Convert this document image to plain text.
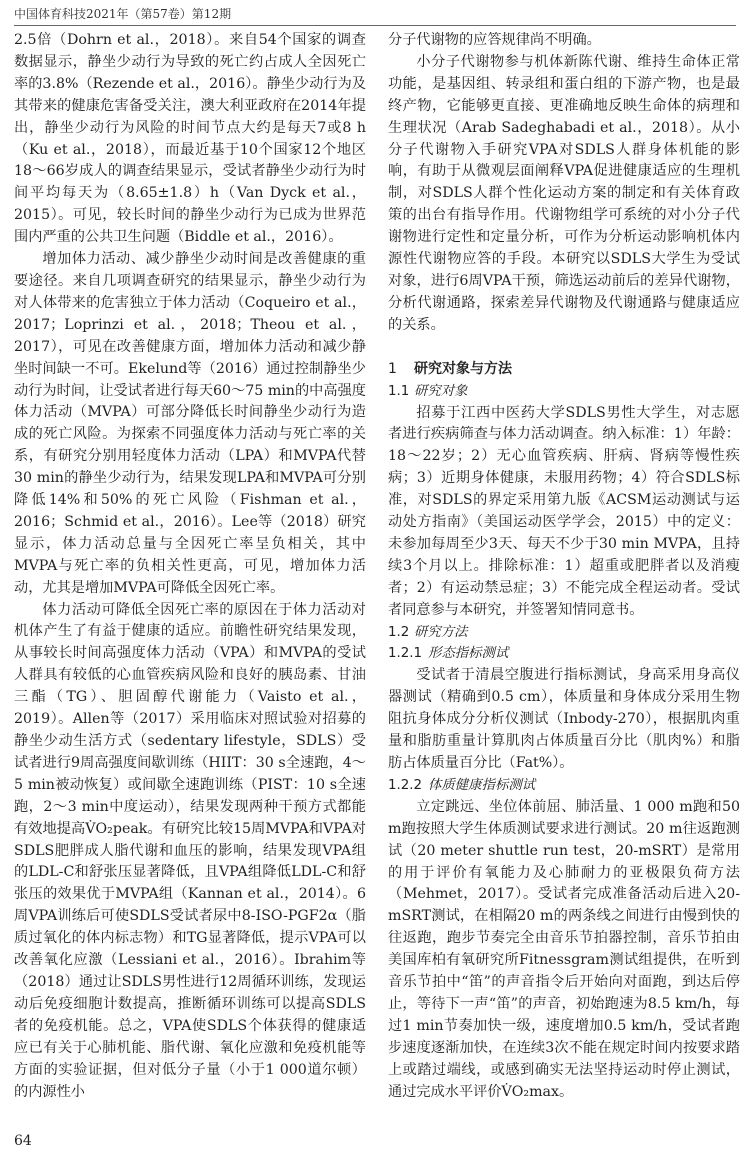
中国体育科技2021年（第57卷）第12期

2.5倍（Dohrn et al.，2018）。来自54个国家的调查数据显示，静坐少动行为导致的死亡约占成人全因死亡率的3.8%（Rezende et al.，2016）。静坐少动行为及其带来的健康危害备受关注，澳大利亚政府在2014年提出，静坐少动行为风险的时间节点大约是每天7或8 h（Ku et al.，2018），而最近基于10个国家12个地区18～66岁成人的调查结果显示，受试者静坐少动行为时间平均每天为（8.65±1.8）h（Van Dyck et al.，2015）。可见，较长时间的静坐少动行为已成为世界范围内严重的公共卫生问题（Biddle et al.，2016）。

增加体力活动、减少静坐少动时间是改善健康的重要途径。来自几项调查研究的结果显示，静坐少动行为对人体带来的危害独立于体力活动（Coqueiro et al.，2017；Loprinzi et al.，2018；Theou et al.，2017），可见在改善健康方面，增加体力活动和减少静坐时间缺一不可。Ekelund等（2016）通过控制静坐少动行为时间，让受试者进行每天60～75 min的中高强度体力活动（MVPA）可部分降低长时间静坐少动行为造成的死亡风险。为探索不同强度体力活动与死亡率的关系，有研究分别用轻度体力活动（LPA）和MVPA代替30 min的静坐少动行为，结果发现LPA和MVPA可分别降低14%和50%的死亡风险（Fishman et al.，2016；Schmid et al.，2016）。Lee等（2018）研究显示，体力活动总量与全因死亡率呈负相关，其中MVPA与死亡率的负相关性更高，可见，增加体力活动，尤其是增加MVPA可降低全因死亡率。

体力活动可降低全因死亡率的原因在于体力活动对机体产生了有益于健康的适应。前瞻性研究结果发现，从事较长时间高强度体力活动（VPA）和MVPA的受试人群具有较低的心血管疾病风险和良好的胰岛素、甘油三酯（TG）、胆固醇代谢能力（Vaisto et al.，2019）。Allen等（2017）采用临床对照试验对招募的静坐少动生活方式（sedentary lifestyle，SDLS）受试者进行9周高强度间歇训练（HIIT：30 s全速跑，4～5 min被动恢复）或间歇全速跑训练（PIST：10 s全速跑，2～3 min中度运动），结果发现两种干预方式都能有效地提高V̇O₂peak。有研究比较15周MVPA和VPA对SDLS肥胖成人脂代谢和血压的影响，结果发现VPA组的LDL-C和舒张压显著降低，且VPA组降低LDL-C和舒张压的效果优于MVPA组（Kannan et al.，2014）。6周VPA训练后可使SDLS受试者尿中8-ISO-PGF2α（脂质过氧化的体内标志物）和TG显著降低，提示VPA可以改善氧化应激（Lessiani et al.，2016）。Ibrahim等（2018）通过让SDLS男性进行12周循环训练，发现运动后免疫细胞计数提高，推断循环训练可以提高SDLS者的免疫机能。总之，VPA使SDLS个体获得的健康适应已有关于心肺机能、脂代谢、氧化应激和免疫机能等方面的实验证据，但对低分子量（小于1 000道尔顿）的内源性小

分子代谢物的应答规律尚不明确。

小分子代谢物参与机体新陈代谢、维持生命体正常功能，是基因组、转录组和蛋白组的下游产物，也是最终产物，它能够更直接、更准确地反映生命体的病理和生理状况（Arab Sadeghabadi et al.，2018）。从小分子代谢物入手研究VPA对SDLS人群身体机能的影响，有助于从微观层面阐释VPA促进健康适应的生理机制，对SDLS人群个性化运动方案的制定和有关体育政策的出台有指导作用。代谢物组学可系统的对小分子代谢物进行定性和定量分析，可作为分析运动影响机体内源性代谢物应答的手段。本研究以SDLS大学生为受试对象，进行6周VPA干预，筛选运动前后的差异代谢物，分析代谢通路，探索差异代谢物及代谢通路与健康适应的关系。

1 研究对象与方法
1.1 研究对象

招募于江西中医药大学SDLS男性大学生，对志愿者进行疾病筛查与体力活动调查。纳入标准：1）年龄：18～22岁；2）无心血管疾病、肝病、肾病等慢性疾病；3）近期身体健康，未服用药物；4）符合SDLS标准，对SDLS的界定采用第九版《ACSM运动测试与运动处方指南》（美国运动医学学会，2015）中的定义：未参加每周至少3天、每天不少于30 min MVPA，且持续3个月以上。排除标准：1）超重或肥胖者以及消瘦者；2）有运动禁忌症；3）不能完成全程运动者。受试者同意参与本研究，并签署知情同意书。

1.2 研究方法
1.2.1 形态指标测试

受试者于清晨空腹进行指标测试，身高采用身高仪器测试（精确到0.5 cm），体质量和身体成分采用生物阻抗身体成分分析仪测试（Inbody-270），根据肌肉重量和脂肪重量计算肌肉占体质量百分比（肌肉%）和脂肪占体质量百分比（Fat%）。

1.2.2 体质健康指标测试

立定跳远、坐位体前屈、肺活量、1 000 m跑和50 m跑按照大学生体质测试要求进行测试。20 m往返跑测试（20 meter shuttle run test，20-mSRT）是常用的用于评价有氧能力及心肺耐力的亚极限负荷方法（Mehmet，2017）。受试者完成准备活动后进入20-mSRT测试，在相隔20 m的两条线之间进行由慢到快的往返跑，跑步节奏完全由音乐节拍器控制，音乐节拍由美国库柏有氧研究所Fitnessgram测试组提供，在听到音乐节拍中“笛”的声音指令后开始向对面跑，到达后停止，等待下一声“笛”的声音，初始跑速为8.5 km/h，每过1 min节奏加快一级，速度增加0.5 km/h，受试者跑步速度逐渐加快，在连续3次不能在规定时间内按要求踏上或踏过端线，或感到确实无法坚持运动时停止测试，通过完成水平评价V̇O₂max。

64
